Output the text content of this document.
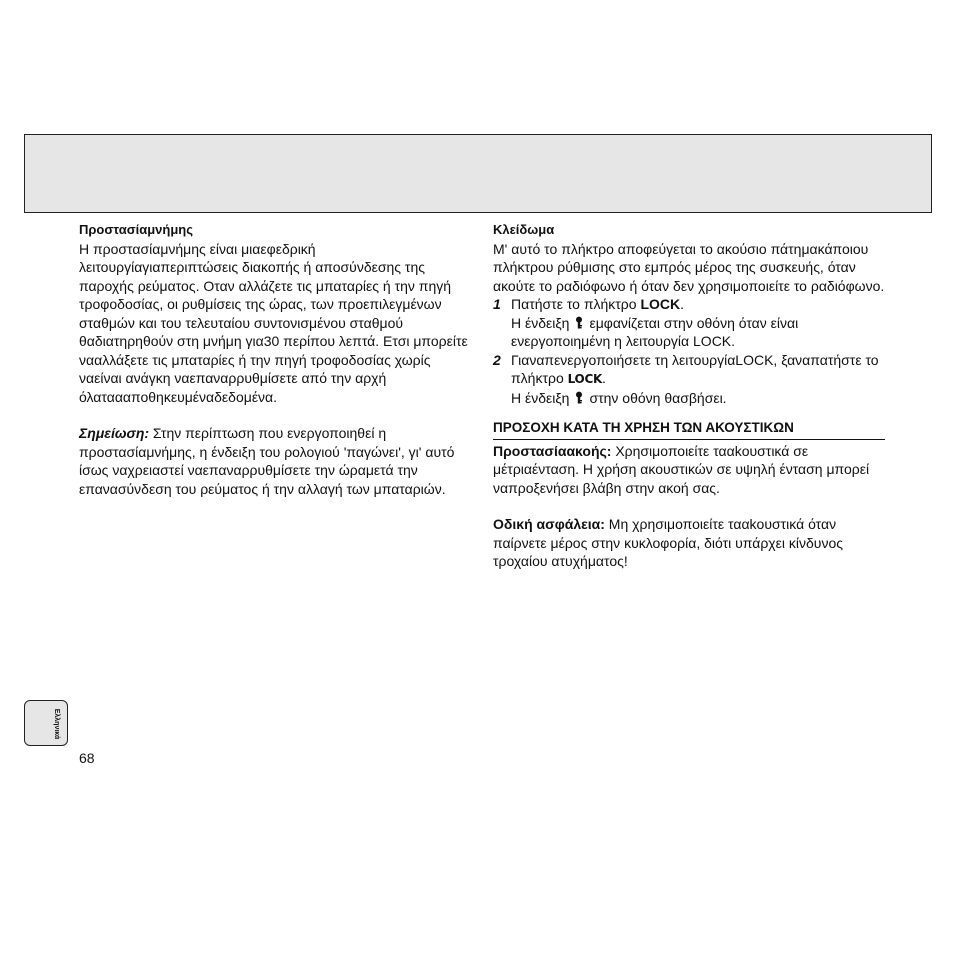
Προστασίαμνήμης

Η προστασίαμνήμης είναι μιαεφεδρική λειτουργίαγιαπεριπτώσεις διακοπής ή αποσύνδεσης της παροχής ρεύματος. Οταν αλλάζετε τις μπαταρίες ή την πηγή τροφοδοσίας, οι ρυθμίσεις της ώρας, των προεπιλεγμένων σταθμών και του τελευταίου συντονισμένου σταθμού θαδιατηρηθούν στη μνήμη για30 περίπου λεπτά. Ετσι μπορείτε νααλλάξετε τις μπαταρίες ή την πηγή τροφοδοσίας χωρίς ναείναι ανάγκη ναεπαναρρυθμίσετε από την αρχή όλαταααποθηκευμέναδεδομένα.

Σημείωση: Στην περίπτωση που ενεργοποιηθεί η προστασίαμνήμης, η ένδειξη του ρολογιού 'παγώνει', γι' αυτό ίσως ναχρειαστεί ναεπαναρρυθμίσετε την ώραμετά την επανασύνδεση του ρεύματος ή την αλλαγή των μπαταριών.

Κλείδωμα

Μ' αυτό το πλήκτρο αποφεύγεται το ακούσιο πάτημακάποιου πλήκτρου ρύθμισης στο εμπρός μέρος της συσκευής, όταν ακούτε το ραδιόφωνο ή όταν δεν χρησιμοποιείτε το ραδιόφωνο.

1 Πατήστε το πλήκτρο LOCK.

Η ένδειξη εμφανίζεται στην οθόνη όταν είναι ενεργοποιημένη η λειτουργία LOCK.

2 Γιαναπενεργοποιήσετε τη λειτουργίαLOCK, ξαναπατήστε το πλήκτρο LOCK.

Η ένδειξη στην οθόνη θασβήσει.

ΠΡΟΣΟΧΗ ΚΑΤΑ ΤΗ ΧΡΗΣΗ ΤΩΝ ΑΚΟΥΣΤΙΚΩΝ

Προστασίαακοής: Χρησιμοποιείτε τααkουστικά σε μέτριαένταση. Η χρήση ακουστικών σε υψηλή ένταση μπορεί ναπροξενήσει βλάβη στην ακοή σας.

Οδική ασφάλεια: Μη χρησιμοποιείτε τααkουστικά όταν παίρνετε μέρος στην κυκλοφορία, διότι υπάρχει κίνδυνος τροχαίου ατυχήματος!

Ελληνικά
68
